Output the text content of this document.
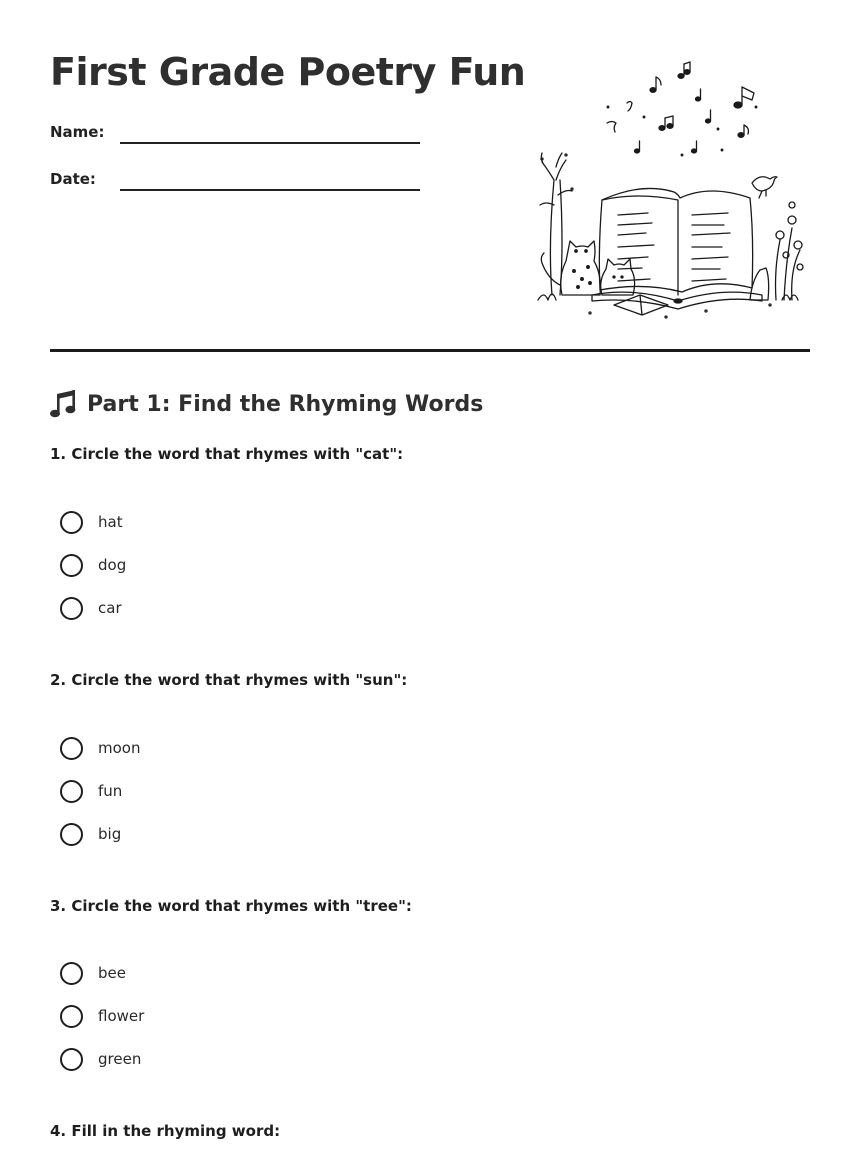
First Grade Poetry Fun
Name:
Date:
Part 1: Find the Rhyming Words
1. Circle the word that rhymes with "cat":
hat
dog
car
2. Circle the word that rhymes with "sun":
moon
fun
big
3. Circle the word that rhymes with "tree":
bee
flower
green
4. Fill in the rhyming word:
